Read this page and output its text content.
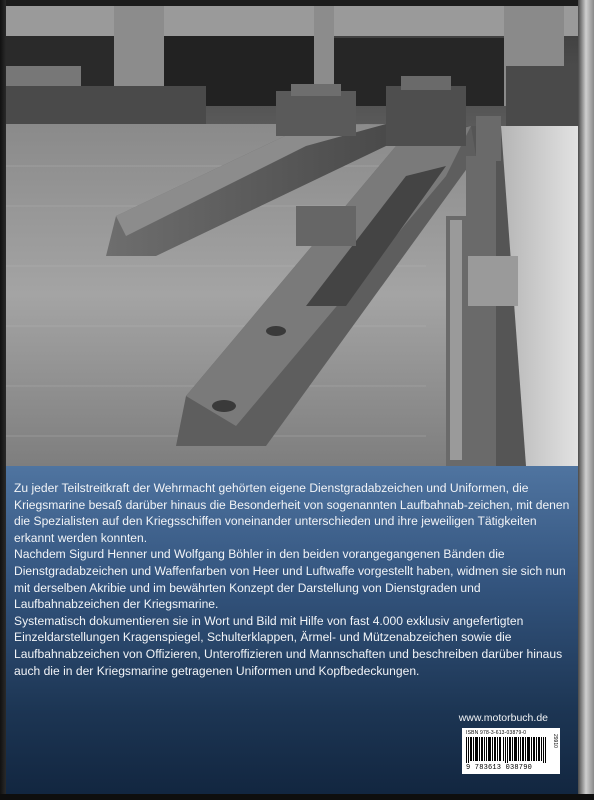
Zu jeder Teilstreitkraft der Wehrmacht gehörten eigene Dienstgradabzeichen und Uniformen, die Kriegsmarine besaß darüber hinaus die Besonderheit von sogenannten Laufbahnab-zeichen, mit denen die Spezialisten auf den Kriegsschiffen voneinander unterschieden und ihre jeweiligen Tätigkeiten erkannt werden konnten.

Nachdem Sigurd Henner und Wolfgang Böhler in den beiden vorangegangenen Bänden die Dienstgradabzeichen und Waffenfarben von Heer und Luftwaffe vorgestellt haben, widmen sie sich nun mit derselben Akribie und im bewährten Konzept der Darstellung von Dienstgraden und Laufbahnabzeichen der Kriegsmarine.

Systematisch dokumentieren sie in Wort und Bild mit Hilfe von fast 4.000 exklusiv angefertigten Einzeldarstellungen Kragenspiegel, Schulterklappen, Ärmel- und Mützenabzeichen sowie die Laufbahnabzeichen von Offizieren, Unteroffizieren und Mannschaften und beschreiben darüber hinaus auch die in der Kriegsmarine getragenen Uniformen und Kopfbedeckungen.

www.motorbuch.de
ISBN 978-3-613-03879-0
9 783613 038790
29910
